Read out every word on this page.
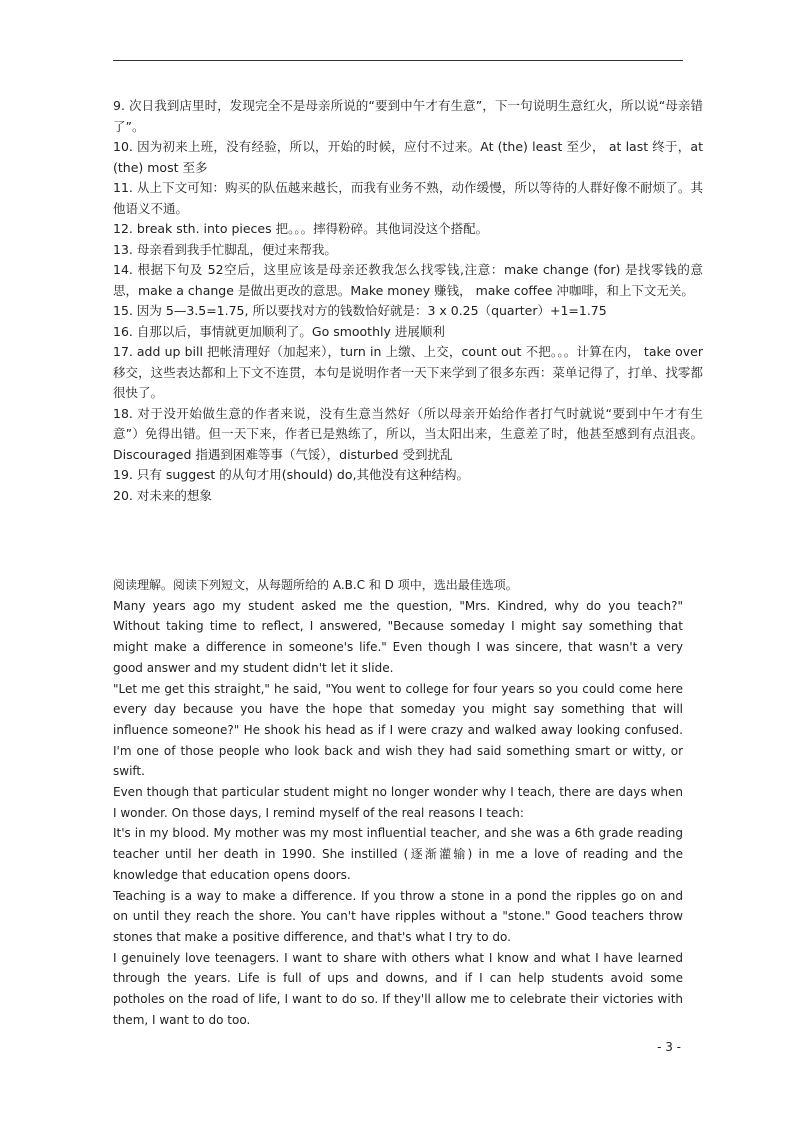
9. 次日我到店里时，发现完全不是母亲所说的“要到中午才有生意”，下一句说明生意红火，所以说“母亲错了”。

10. 因为初来上班，没有经验，所以，开始的时候，应付不过来。At (the) least 至少， at last 终于，at (the) most 至多

11. 从上下文可知：购买的队伍越来越长，而我有业务不熟，动作缓慢，所以等待的人群好像不耐烦了。其他语义不通。

12. break sth. into pieces 把。。。摔得粉碎。其他词没这个搭配。

13. 母亲看到我手忙脚乱，便过来帮我。

14. 根据下句及 52空后，这里应该是母亲还教我怎么找零钱,注意：make change (for) 是找零钱的意思，make a change 是做出更改的意思。Make money 赚钱， make coffee 冲咖啡，和上下文无关。

15. 因为 5—3.5=1.75, 所以要找对方的钱数恰好就是：3 x 0.25（quarter）+1=1.75

16. 自那以后，事情就更加顺利了。Go smoothly 进展顺利

17. add up bill 把帐清理好（加起来），turn in 上缴、上交，count out 不把。。。计算在内， take over 移交，这些表达都和上下文不连贯，本句是说明作者一天下来学到了很多东西：菜单记得了，打单、找零都很快了。

18. 对于没开始做生意的作者来说，没有生意当然好（所以母亲开始给作者打气时就说“要到中午才有生意”）免得出错。但一天下来，作者已是熟练了，所以，当太阳出来，生意差了时，他甚至感到有点沮丧。Discouraged 指遇到困难等事（气馁），disturbed 受到扰乱

19. 只有 suggest 的从句才用(should) do,其他没有这种结构。

20. 对未来的想象

阅读理解。阅读下列短文，从每题所给的 A.B.C 和 D 项中，选出最佳选项。

Many years ago my student asked me the question, "Mrs. Kindred, why do you teach?" Without taking time to reflect, I answered, "Because someday I might say something that might make a difference in someone's life." Even though I was sincere, that wasn't a very good answer and my student didn't let it slide.

"Let me get this straight," he said, "You went to college for four years so you could come here every day because you have the hope that someday you might say something that will influence someone?" He shook his head as if I were crazy and walked away looking confused. I'm one of those people who look back and wish they had said something smart or witty, or swift.

Even though that particular student might no longer wonder why I teach, there are days when I wonder. On those days, I remind myself of the real reasons I teach:

It's in my blood. My mother was my most influential teacher, and she was a 6th grade reading teacher until her death in 1990. She instilled (逐渐灌输) in me a love of reading and the knowledge that education opens doors.

Teaching is a way to make a difference. If you throw a stone in a pond the ripples go on and on until they reach the shore. You can't have ripples without a "stone." Good teachers throw stones that make a positive difference, and that's what I try to do.

I genuinely love teenagers. I want to share with others what I know and what I have learned through the years. Life is full of ups and downs, and if I can help students avoid some potholes on the road of life, I want to do so. If they'll allow me to celebrate their victories with them, I want to do too.

- 3 -
